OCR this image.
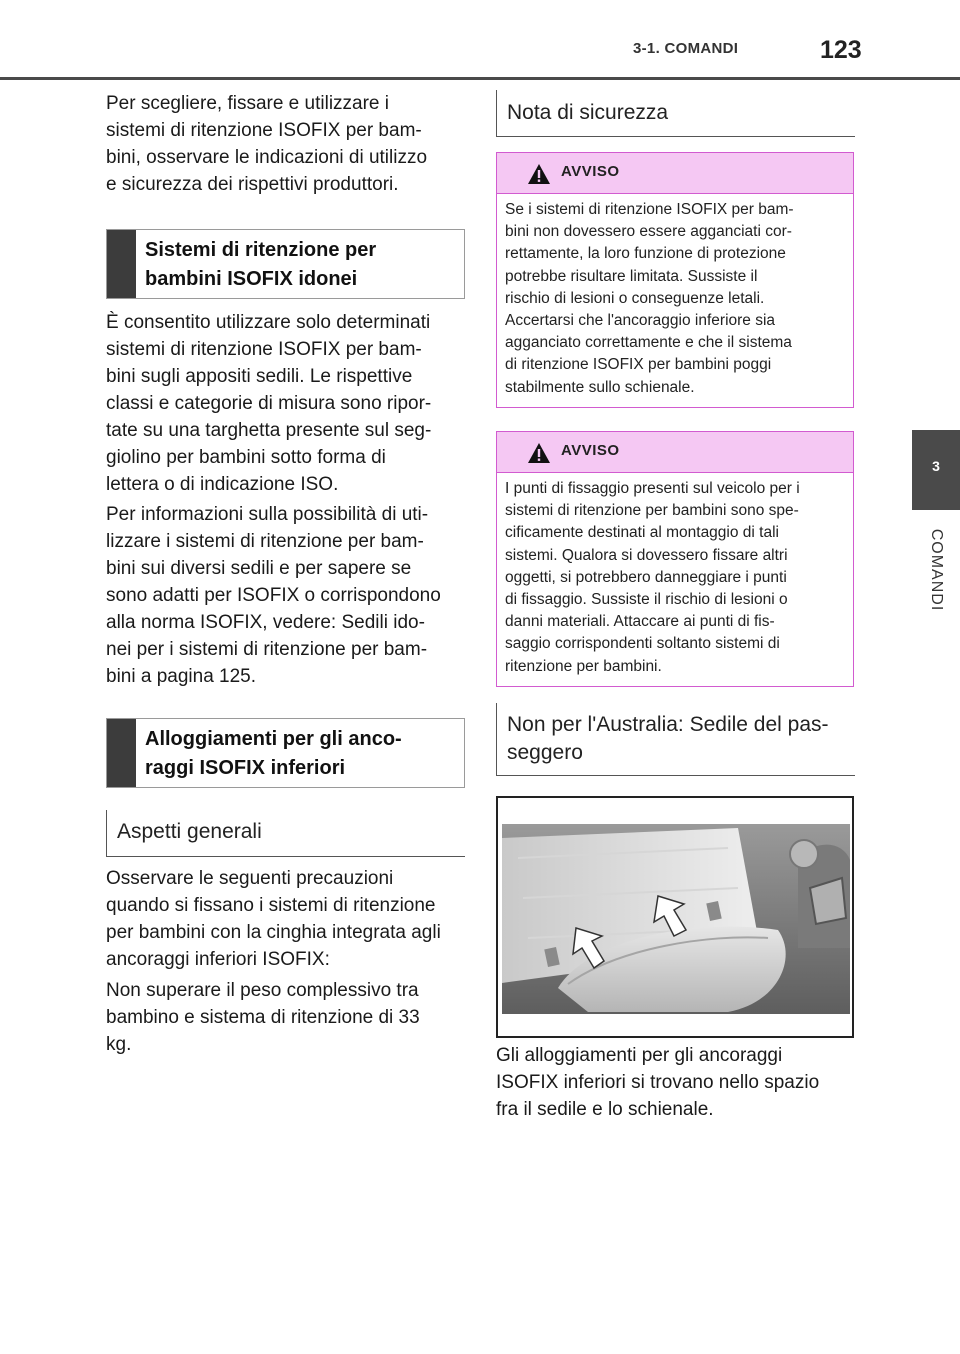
3-1. COMANDI	123
3
COMANDI
Per scegliere, fissare e utilizzare i
sistemi di ritenzione ISOFIX per bam-
bini, osservare le indicazioni di utilizzo
e sicurezza dei rispettivi produttori.
Sistemi di ritenzione per
bambini ISOFIX idonei
È consentito utilizzare solo determinati
sistemi di ritenzione ISOFIX per bam-
bini sugli appositi sedili. Le rispettive
classi e categorie di misura sono ripor-
tate su una targhetta presente sul seg-
giolino per bambini sotto forma di
lettera o di indicazione ISO.
Per informazioni sulla possibilità di uti-
lizzare i sistemi di ritenzione per bam-
bini sui diversi sedili e per sapere se
sono adatti per ISOFIX o corrispondono
alla norma ISOFIX, vedere: Sedili ido-
nei per i sistemi di ritenzione per bam-
bini a pagina 125.
Alloggiamenti per gli anco-
raggi ISOFIX inferiori
Aspetti generali
Osservare le seguenti precauzioni
quando si fissano i sistemi di ritenzione
per bambini con la cinghia integrata agli
ancoraggi inferiori ISOFIX:
Non superare il peso complessivo tra
bambino e sistema di ritenzione di 33
kg.
Nota di sicurezza
AVVISO
Se i sistemi di ritenzione ISOFIX per bam-
bini non dovessero essere agganciati cor-
rettamente, la loro funzione di protezione
potrebbe risultare limitata. Sussiste il
rischio di lesioni o conseguenze letali.
Accertarsi che l'ancoraggio inferiore sia
agganciato correttamente e che il sistema
di ritenzione ISOFIX per bambini poggi
stabilmente sullo schienale.
AVVISO
I punti di fissaggio presenti sul veicolo per i
sistemi di ritenzione per bambini sono spe-
cificamente destinati al montaggio di tali
sistemi. Qualora si dovessero fissare altri
oggetti, si potrebbero danneggiare i punti
di fissaggio. Sussiste il rischio di lesioni o
danni materiali. Attaccare ai punti di fis-
saggio corrispondenti soltanto sistemi di
ritenzione per bambini.
Non per l'Australia: Sedile del pas-
seggero
Gli alloggiamenti per gli ancoraggi
ISOFIX inferiori si trovano nello spazio
fra il sedile e lo schienale.
